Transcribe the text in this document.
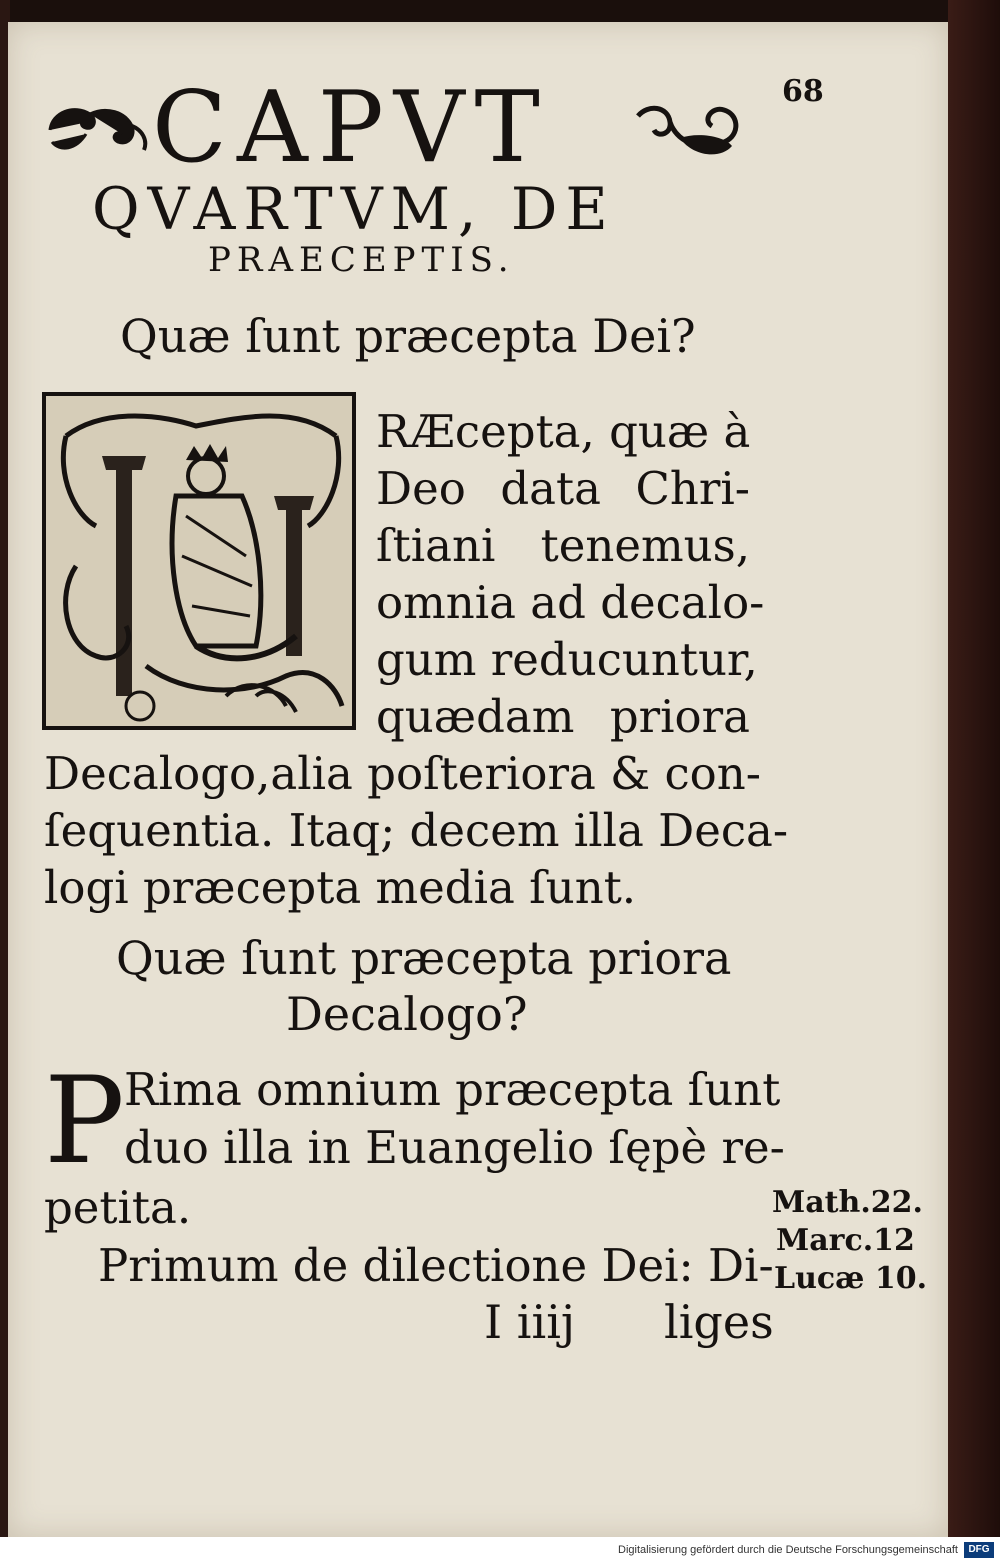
68
CAPVT
QVARTVM, DE
PRAECEPTIS.
Quæ ſunt præcepta Dei?
RÆcepta, quæ à
Deo data Chri-
ſtiani tenemus,
omnia ad decalo-
gum reducuntur,
quædam priora
Decalogo,alia poſteriora & con-
ſequentia. Itaq; decem illa Deca-
logi præcepta media ſunt.
Quæ ſunt præcepta priora
Decalogo?
P Rima omnium præcepta ſunt
duo illa in Euangelio ſępè re-
petita.
Primum de dilectione Dei: Di-
I iiij liges
Math.22.
Marc.12
Lucæ 10.
Digitalisierung gefördert durch die Deutsche Forschungsgemeinschaft	DFG
